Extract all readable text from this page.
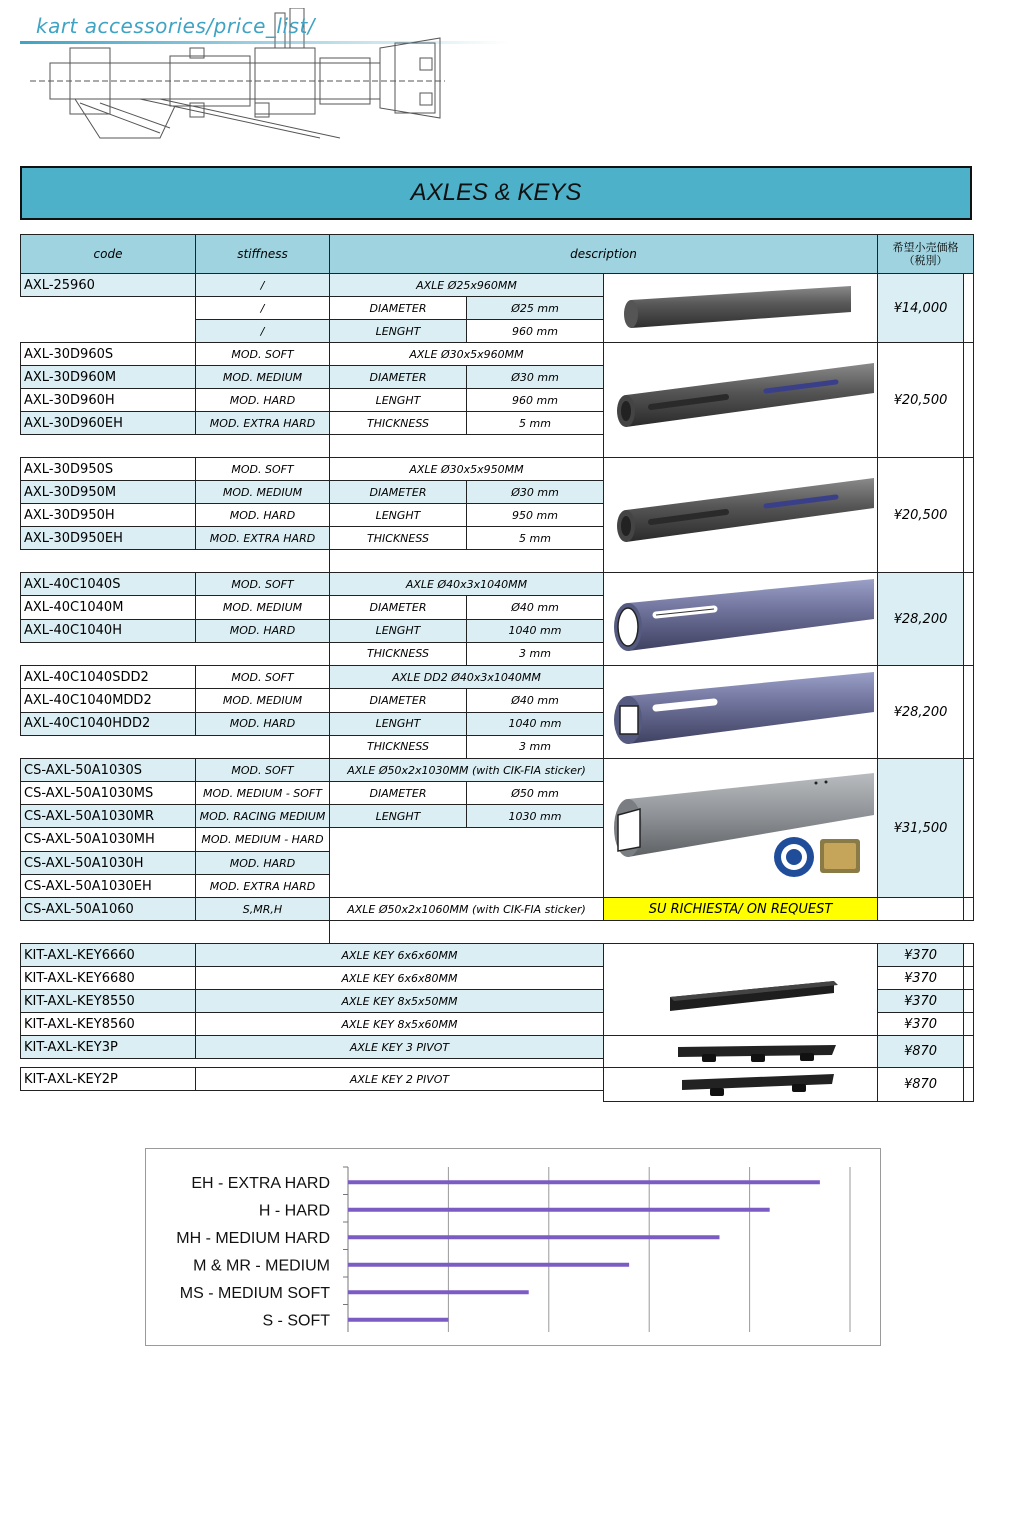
kart accessories/price_list/
AXLES & KEYS
code	stiffness	description			希望小売価格
（税別）	
AXL-25960	/	AXLE Ø25x960MM			¥14,000	
	/	DIAMETER	Ø25 mm			
	/	LENGHT	960 mm			
AXL-30D960S	MOD. SOFT	AXLE Ø30x5x960MM			¥20,500	
AXL-30D960M	MOD. MEDIUM	DIAMETER	Ø30 mm			
AXL-30D960H	MOD. HARD	LENGHT	960 mm			
AXL-30D960EH	MOD. EXTRA HARD	THICKNESS	5 mm			

AXL-30D950S	MOD. SOFT	AXLE Ø30x5x950MM			¥20,500	
AXL-30D950M	MOD. MEDIUM	DIAMETER	Ø30 mm			
AXL-30D950H	MOD. HARD	LENGHT	950 mm			
AXL-30D950EH	MOD. EXTRA HARD	THICKNESS	5 mm			

AXL-40C1040S	MOD. SOFT	AXLE Ø40x3x1040MM			¥28,200	
AXL-40C1040M	MOD. MEDIUM	DIAMETER	Ø40 mm			
AXL-40C1040H	MOD. HARD	LENGHT	1040 mm			
		THICKNESS	3 mm			
AXL-40C1040SDD2	MOD. SOFT	AXLE DD2 Ø40x3x1040MM			¥28,200	
AXL-40C1040MDD2	MOD. MEDIUM	DIAMETER	Ø40 mm			
AXL-40C1040HDD2	MOD. HARD	LENGHT	1040 mm			
		THICKNESS	3 mm			
CS-AXL-50A1030S	MOD. SOFT	AXLE Ø50x2x1030MM (with CIK-FIA sticker)			¥31,500	
CS-AXL-50A1030MS	MOD. MEDIUM - SOFT	DIAMETER	Ø50 mm			
CS-AXL-50A1030MR	MOD. RACING MEDIUM	LENGHT	1030 mm			
CS-AXL-50A1030MH	MOD. MEDIUM - HARD					
CS-AXL-50A1030H	MOD. HARD					
CS-AXL-50A1030EH	MOD. EXTRA HARD					
CS-AXL-50A1060	S,MR,H	AXLE Ø50x2x1060MM (with CIK-FIA sticker)		SU RICHIESTA/ ON REQUEST		

KIT-AXL-KEY6660	AXLE KEY 6x6x60MM				¥370	
KIT-AXL-KEY6680	AXLE KEY 6x6x80MM				¥370	
KIT-AXL-KEY8550	AXLE KEY 8x5x50MM				¥370	
KIT-AXL-KEY8560	AXLE KEY 8x5x60MM				¥370	
KIT-AXL-KEY3P	AXLE KEY 3 PIVOT				¥870	

KIT-AXL-KEY2P	AXLE KEY 2 PIVOT				¥870	

EH - EXTRA HARD
H - HARD
MH - MEDIUM HARD
M & MR - MEDIUM
MS - MEDIUM SOFT
S - SOFT
